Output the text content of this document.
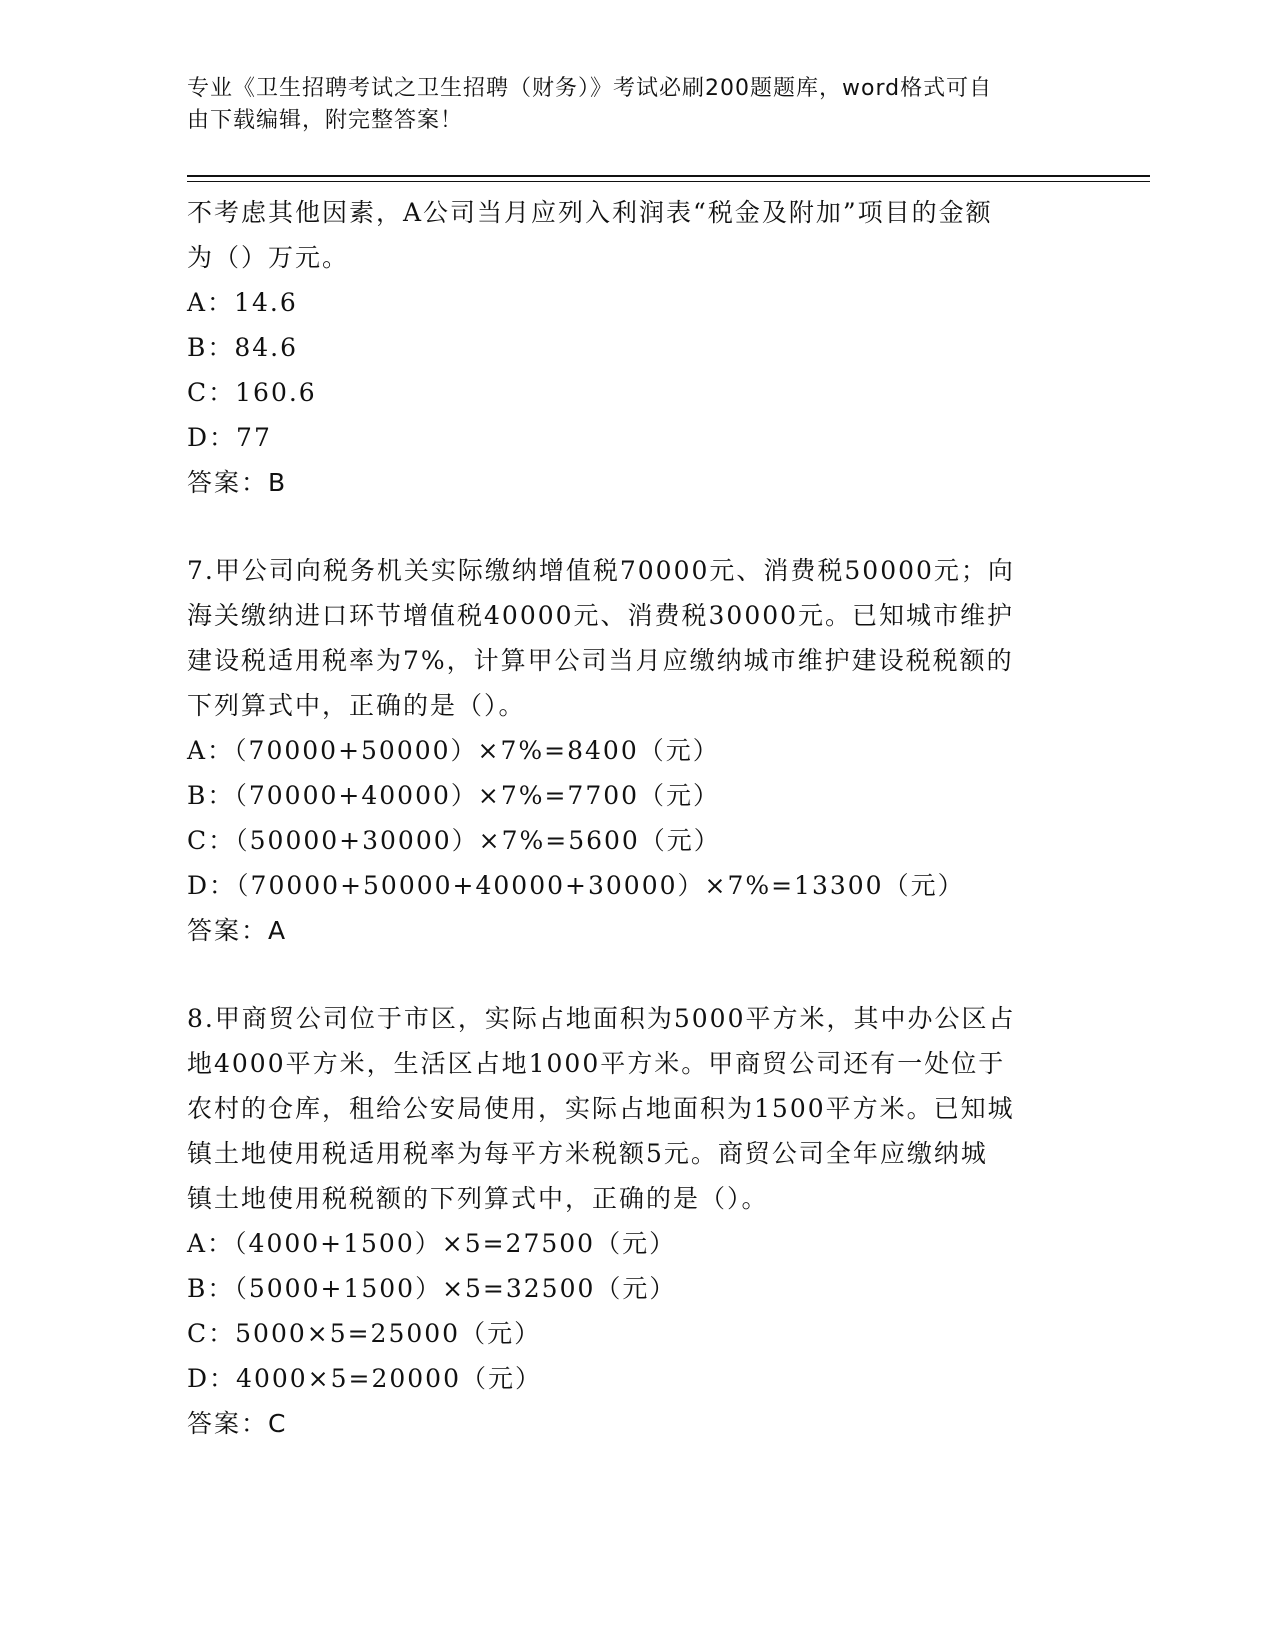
专业《卫生招聘考试之卫生招聘（财务）》考试必刷200题题库，word格式可自
由下载编辑，附完整答案！
不考虑其他因素，A公司当月应列入利润表“税金及附加”项目的金额
为（）万元。
A：14.6
B：84.6
C：160.6
D：77
答案：B
7.甲公司向税务机关实际缴纳增值税70000元、消费税50000元；向
海关缴纳进口环节增值税40000元、消费税30000元。已知城市维护
建设税适用税率为7%，计算甲公司当月应缴纳城市维护建设税税额的
下列算式中，正确的是（）。
A：（70000+50000）×7%=8400（元）
B：（70000+40000）×7%=7700（元）
C：（50000+30000）×7%=5600（元）
D：（70000+50000+40000+30000）×7%=13300（元）
答案：A
8.甲商贸公司位于市区，实际占地面积为5000平方米，其中办公区占
地4000平方米，生活区占地1000平方米。甲商贸公司还有一处位于
农村的仓库，租给公安局使用，实际占地面积为1500平方米。已知城
镇土地使用税适用税率为每平方米税额5元。商贸公司全年应缴纳城
镇土地使用税税额的下列算式中，正确的是（）。
A：（4000+1500）×5=27500（元）
B：（5000+1500）×5=32500（元）
C：5000×5=25000（元）
D：4000×5=20000（元）
答案：C
